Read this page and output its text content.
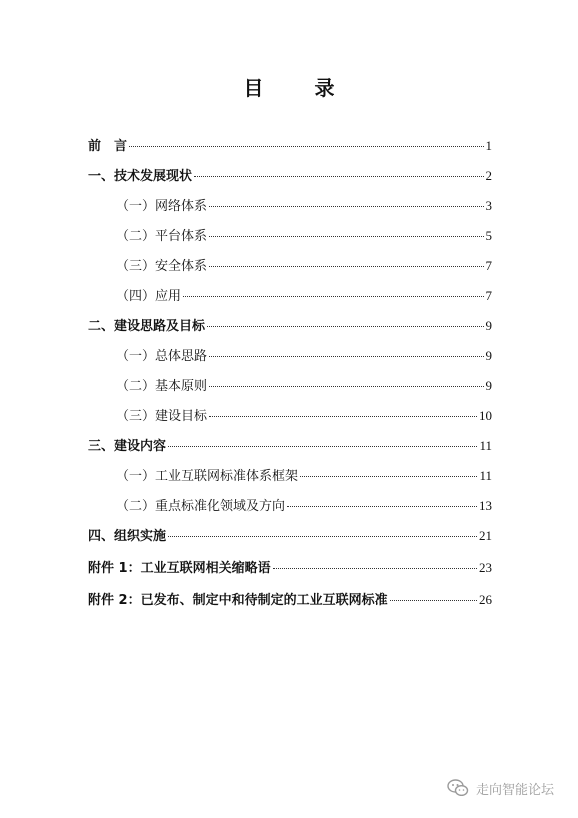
目 录
前　言	1
一、技术发展现状	2
（一）网络体系	3
（二）平台体系	5
（三）安全体系	7
（四）应用	7
二、建设思路及目标	9
（一）总体思路	9
（二）基本原则	9
（三）建设目标	10
三、建设内容	11
（一）工业互联网标准体系框架	11
（二）重点标准化领域及方向	13
四、组织实施	21
附件 1：工业互联网相关缩略语	23
附件 2：已发布、制定中和待制定的工业互联网标准	26
走向智能论坛
